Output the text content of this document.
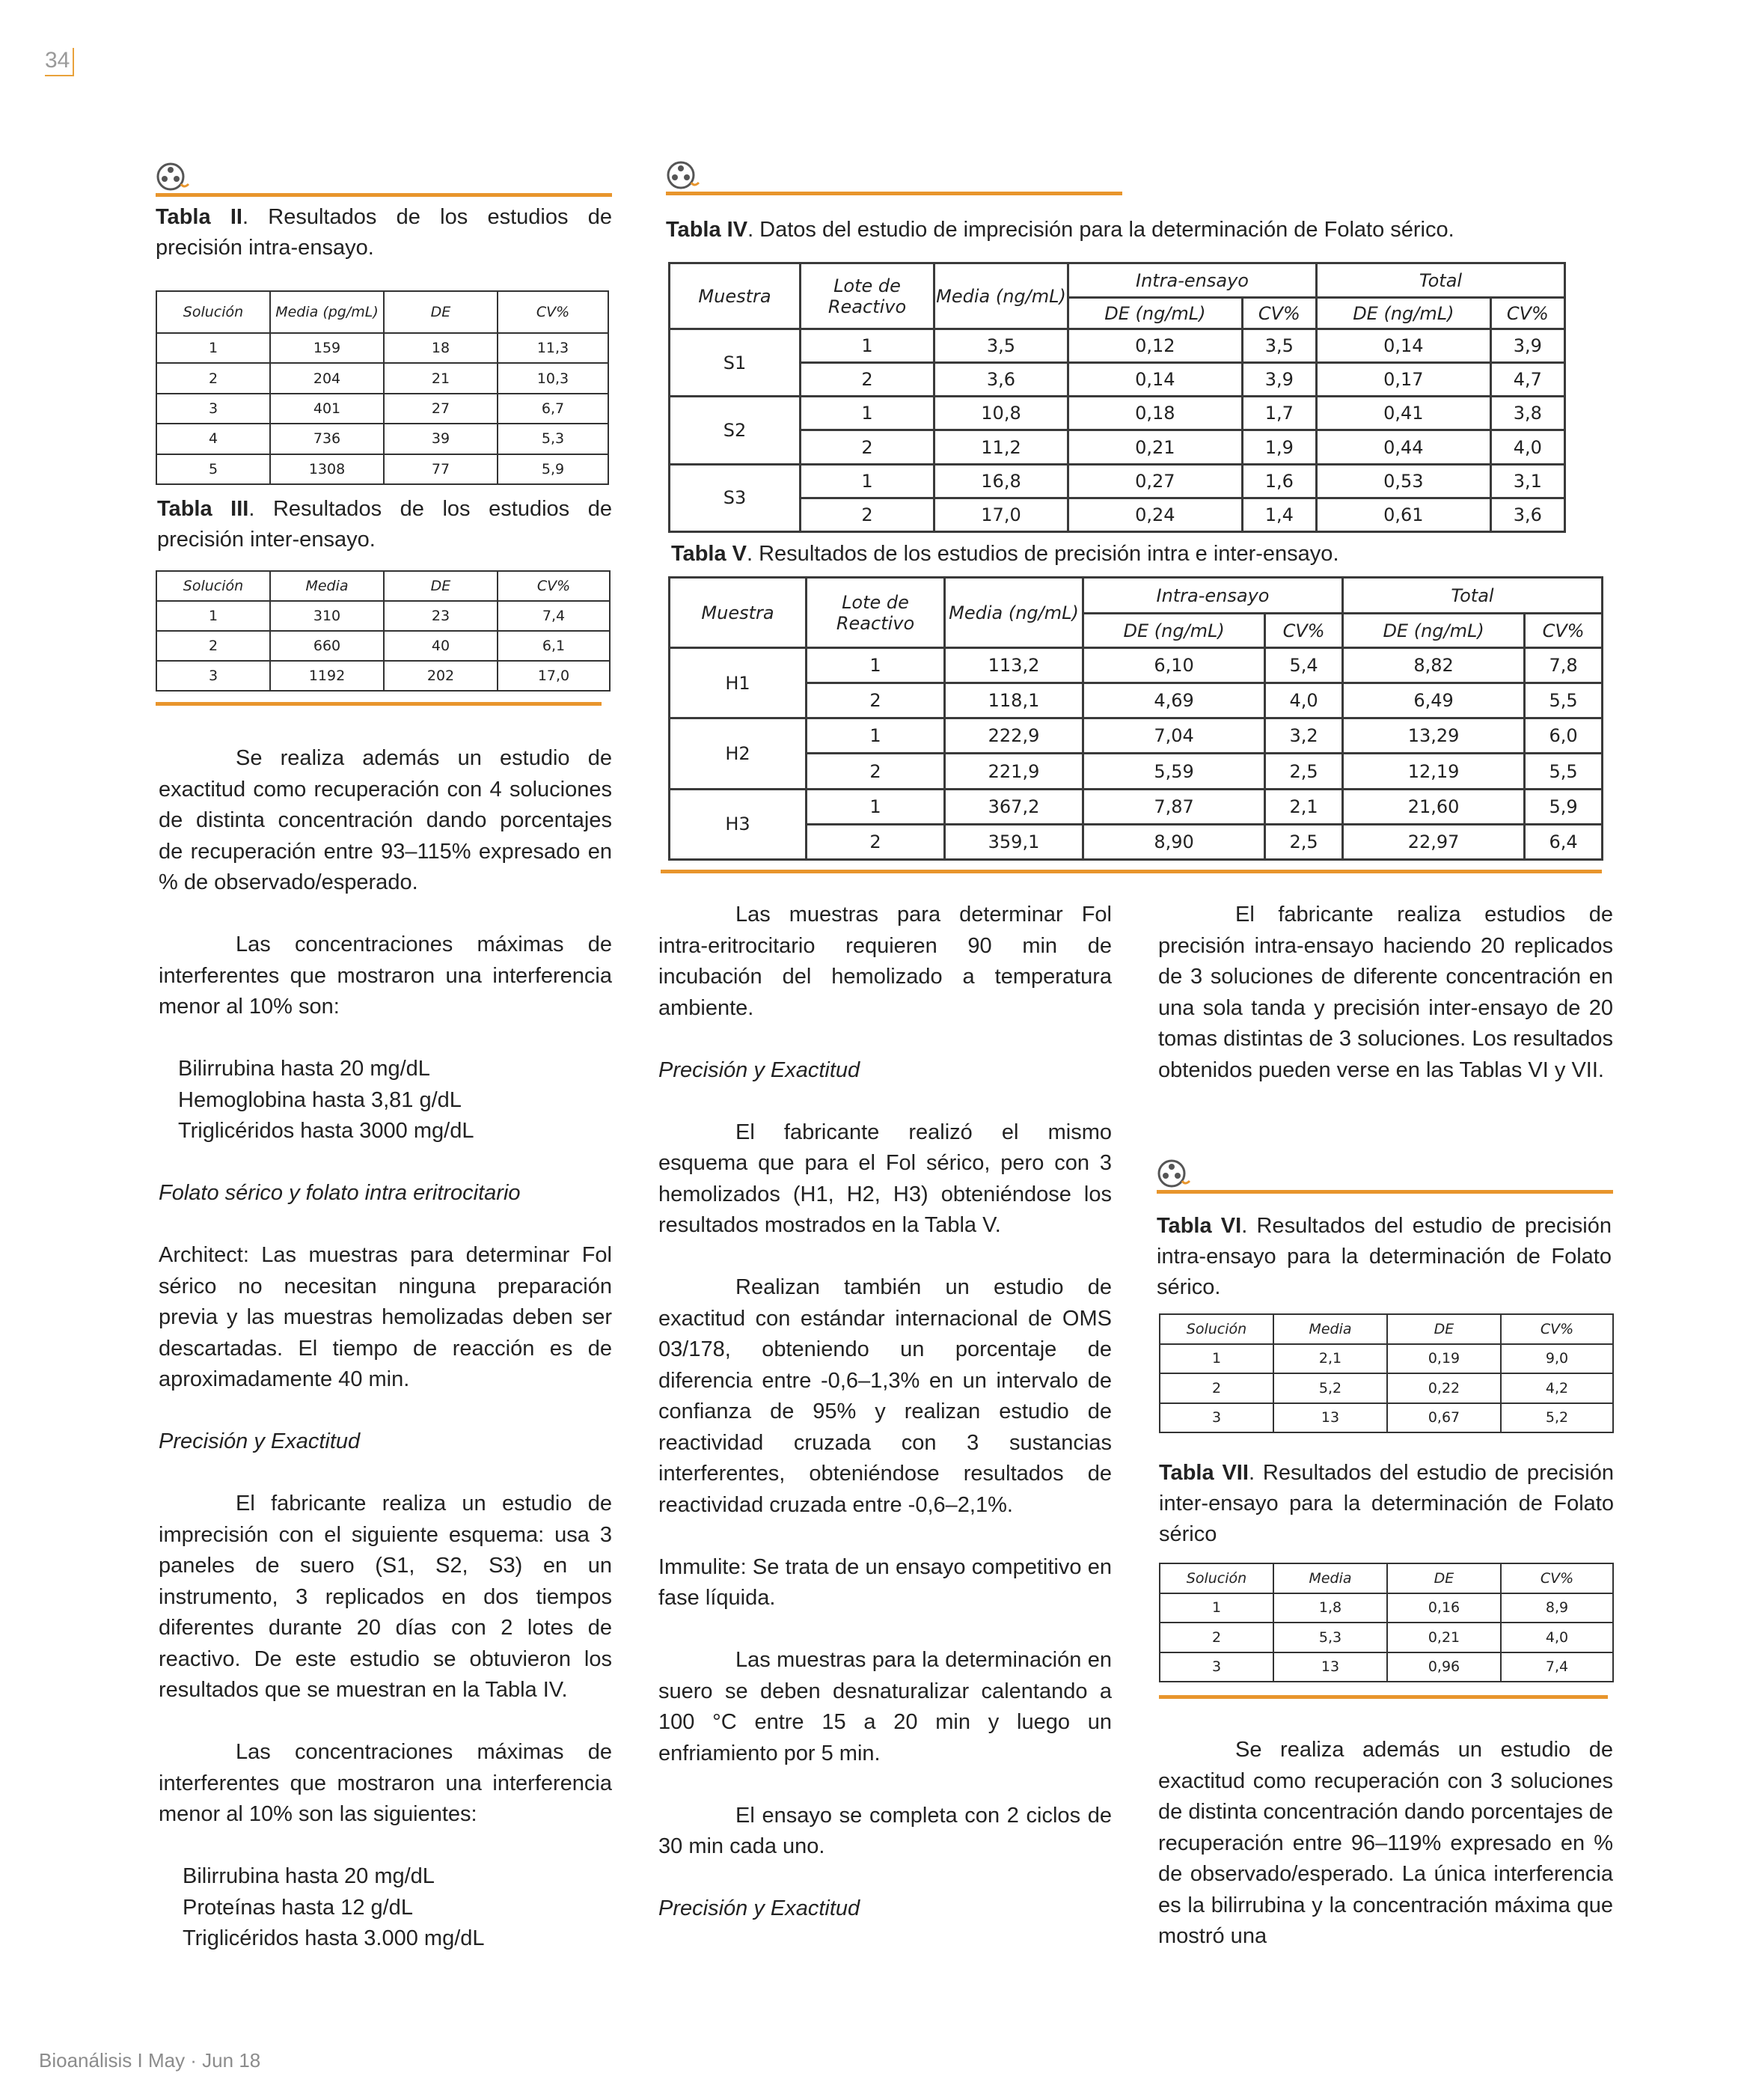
34
Bioanálisis I May · Jun 18
Tabla II. Resultados de los estudios de precisión intra-ensayo.
Solución	Media (pg/mL)	DE	CV%
1	159	18	11,3
2	204	21	10,3
3	401	27	6,7
4	736	39	5,3
5	1308	77	5,9
Tabla III. Resultados de los estudios de precisión inter-ensayo.
Solución	Media	DE	CV%
1	310	23	7,4
2	660	40	6,1
3	1192	202	17,0

Se realiza además un estudio de exactitud como recuperación con 4 soluciones de distinta concentración dando porcentajes de recuperación entre 93–115% expresado en % de observado/esperado.

Las concentraciones máximas de interferentes que mostraron una interferencia menor al 10% son:

Bilirrubina hasta 20 mg/dL
Hemoglobina hasta 3,81 g/dL
Triglicéridos hasta 3000 mg/dL

Folato sérico y folato intra eritrocitario

Architect: Las muestras para determinar Fol sérico no necesitan ninguna preparación previa y las muestras hemolizadas deben ser descartadas. El tiempo de reacción es de aproximadamente 40 min.

Precisión y Exactitud

El fabricante realiza un estudio de imprecisión con el siguiente esquema: usa 3 paneles de suero (S1, S2, S3) en un instrumento, 3 replicados en dos tiempos diferentes durante 20 días con 2 lotes de reactivo. De este estudio se obtuvieron los resultados que se muestran en la Tabla IV.

Las concentraciones máximas de interferentes que mostraron una interferencia menor al 10% son las siguientes:

Bilirrubina hasta 20 mg/dL
Proteínas hasta 12 g/dL
Triglicéridos hasta 3.000 mg/dL
Tabla IV. Datos del estudio de imprecisión para la determinación de Folato sérico.
Muestra	Lote de Reactivo	Media (ng/mL)	Intra-ensayo		Total	
			DE (ng/mL)	CV%	DE (ng/mL)	CV%
S1	1	3,5	0,12	3,5	0,14	3,9
	2	3,6	0,14	3,9	0,17	4,7
S2	1	10,8	0,18	1,7	0,41	3,8
	2	11,2	0,21	1,9	0,44	4,0
S3	1	16,8	0,27	1,6	0,53	3,1
	2	17,0	0,24	1,4	0,61	3,6
Tabla V. Resultados de los estudios de precisión intra e inter-ensayo.
Muestra	Lote de Reactivo	Media (ng/mL)	Intra-ensayo		Total	
			DE (ng/mL)	CV%	DE (ng/mL)	CV%
H1	1	113,2	6,10	5,4	8,82	7,8
	2	118,1	4,69	4,0	6,49	5,5
H2	1	222,9	7,04	3,2	13,29	6,0
	2	221,9	5,59	2,5	12,19	5,5
H3	1	367,2	7,87	2,1	21,60	5,9
	2	359,1	8,90	2,5	22,97	6,4

Las muestras para determinar Fol intra-eritrocitario requieren 90 min de incubación del hemolizado a temperatura ambiente.

Precisión y Exactitud

El fabricante realizó el mismo esquema que para el Fol sérico, pero con 3 hemolizados (H1, H2, H3) obteniéndose los resultados mostrados en la Tabla V.

Realizan también un estudio de exactitud con estándar internacional de OMS 03/178, obteniendo un porcentaje de diferencia entre -0,6–1,3% en un intervalo de confianza de 95% y realizan estudio de reactividad cruzada con 3 sustancias interferentes, obteniéndose resultados de reactividad cruzada entre -0,6–2,1%.

Immulite: Se trata de un ensayo competitivo en fase líquida.

Las muestras para la determinación en suero se deben desnaturalizar calentando a 100 °C entre 15 a 20 min y luego un enfriamiento por 5 min.

El ensayo se completa con 2 ciclos de 30 min cada uno.

Precisión y Exactitud

El fabricante realiza estudios de precisión intra-ensayo haciendo 20 replicados de 3 soluciones de diferente concentración en una sola tanda y precisión inter-ensayo de 20 tomas distintas de 3 soluciones. Los resultados obtenidos pueden verse en las Tablas VI y VII.

Tabla VI. Resultados del estudio de precisión intra-ensayo para la determinación de Folato sérico.
Solución	Media	DE	CV%
1	2,1	0,19	9,0
2	5,2	0,22	4,2
3	13	0,67	5,2
Tabla VII. Resultados del estudio de precisión inter-ensayo para la determinación de Folato sérico
Solución	Media	DE	CV%
1	1,8	0,16	8,9
2	5,3	0,21	4,0
3	13	0,96	7,4

Se realiza además un estudio de exactitud como recuperación con 3 soluciones de distinta concentración dando porcentajes de recuperación entre 96–119% expresado en % de observado/esperado. La única interferencia es la bilirrubina y la concentración máxima que mostró una
